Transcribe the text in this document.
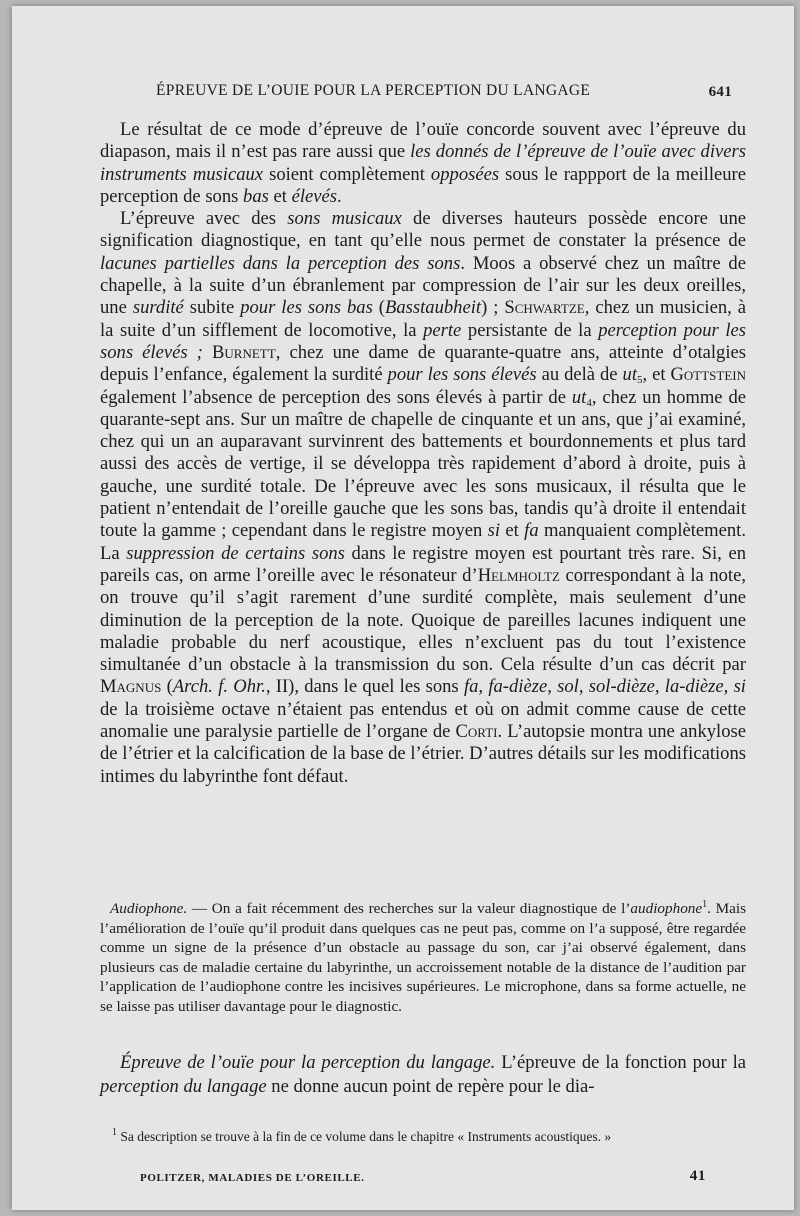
ÉPREUVE DE L’OUIE POUR LA PERCEPTION DU LANGAGE	641

Le résultat de ce mode d’épreuve de l’ouïe concorde souvent avec l’épreuve du diapason, mais il n’est pas rare aussi que les donnés de l’épreuve de l’ouïe avec divers instruments musicaux soient complètement opposées sous le rappport de la meilleure perception de sons bas et élevés.

L’épreuve avec des sons musicaux de diverses hauteurs possède encore une signification diagnostique, en tant qu’elle nous permet de constater la présence de lacunes partielles dans la perception des sons. Moos a observé chez un maître de chapelle, à la suite d’un ébranlement par compression de l’air sur les deux oreilles, une surdité subite pour les sons bas (Basstaubheit) ; Schwartze, chez un musicien, à la suite d’un sifflement de locomotive, la perte persistante de la perception pour les sons élevés ; Burnett, chez une dame de quarante-quatre ans, atteinte d’otalgies depuis l’enfance, également la surdité pour les sons élevés au delà de $ut_5$, et Gottstein également l’absence de perception des sons élevés à partir de $ut_4$, chez un homme de quarante-sept ans. Sur un maître de chapelle de cinquante et un ans, que j’ai examiné, chez qui un an auparavant survinrent des battements et bourdonnements et plus tard aussi des accès de vertige, il se développa très rapidement d’abord à droite, puis à gauche, une surdité totale. De l’épreuve avec les sons musicaux, il résulta que le patient n’entendait de l’oreille gauche que les sons bas, tandis qu’à droite il entendait toute la gamme ; cependant dans le registre moyen si et fa manquaient complètement. La suppression de certains sons dans le registre moyen est pourtant très rare. Si, en pareils cas, on arme l’oreille avec le résonateur d’Helmholtz correspondant à la note, on trouve qu’il s’agit rarement d’une surdité complète, mais seulement d’une diminution de la perception de la note. Quoique de pareilles lacunes indiquent une maladie probable du nerf acoustique, elles n’excluent pas du tout l’existence simultanée d’un obstacle à la transmission du son. Cela résulte d’un cas décrit par Magnus (Arch. f. Ohr., II), dans le quel les sons fa, fa-dièze, sol, sol-dièze, la-dièze, si de la troisième octave n’étaient pas entendus et où on admit comme cause de cette anomalie une paralysie partielle de l’organe de Corti. L’autopsie montra une ankylose de l’étrier et la calcification de la base de l’étrier. D’autres détails sur les modifications intimes du labyrinthe font défaut.

Audiophone. — On a fait récemment des recherches sur la valeur diagnostique de l’audiophone$^1$. Mais l’amélioration de l’ouïe qu’il produit dans quelques cas ne peut pas, comme on l’a supposé, être regardée comme un signe de la présence d’un obstacle au passage du son, car j’ai observé également, dans plusieurs cas de maladie certaine du labyrinthe, un accroissement notable de la distance de l’audition par l’application de l’audiophone contre les incisives supérieures. Le microphone, dans sa forme actuelle, ne se laisse pas utiliser davantage pour le diagnostic.

Épreuve de l’ouïe pour la perception du langage. L’épreuve de la fonction pour la perception du langage ne donne aucun point de repère pour le dia-

$^1$ Sa description se trouve à la fin de ce volume dans le chapitre « Instruments acoustiques. »

POLITZER, MALADIES DE L’OREILLE.	41
